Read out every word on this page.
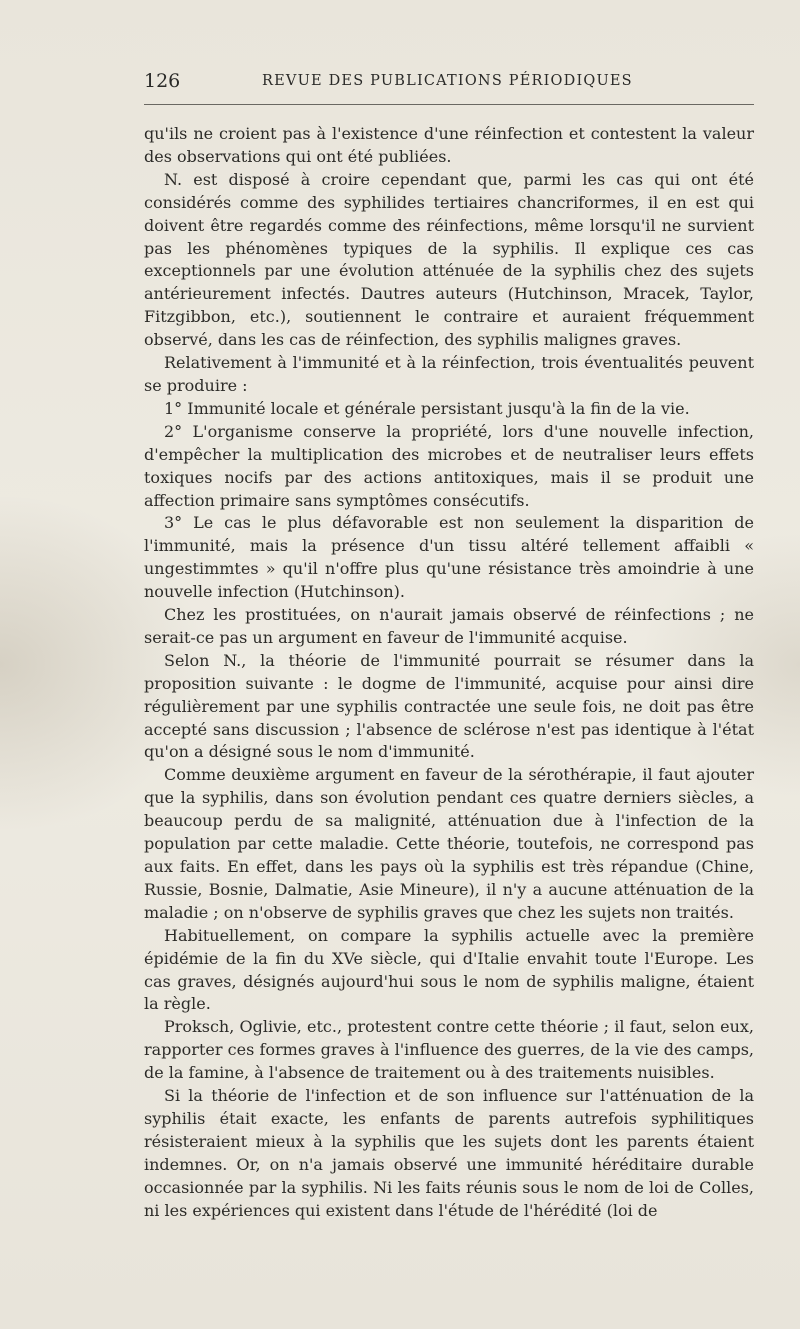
126	REVUE DES PUBLICATIONS PÉRIODIQUES

qu'ils ne croient pas à l'existence d'une réinfection et contestent la valeur des observations qui ont été publiées.

N. est disposé à croire cependant que, parmi les cas qui ont été considérés comme des syphilides tertiaires chancriformes, il en est qui doivent être regardés comme des réinfections, même lorsqu'il ne survient pas les phénomènes typiques de la syphilis. Il explique ces cas exceptionnels par une évolution atténuée de la syphilis chez des sujets antérieurement infectés. Dautres auteurs (Hutchinson, Mracek, Taylor, Fitzgibbon, etc.), soutiennent le contraire et auraient fréquemment observé, dans les cas de réinfection, des syphilis malignes graves.

Relativement à l'immunité et à la réinfection, trois éventualités peuvent se produire :

1° Immunité locale et générale persistant jusqu'à la fin de la vie.

2° L'organisme conserve la propriété, lors d'une nouvelle infection, d'empêcher la multiplication des microbes et de neutraliser leurs effets toxiques nocifs par des actions antitoxiques, mais il se produit une affection primaire sans symptômes consécutifs.

3° Le cas le plus défavorable est non seulement la disparition de l'immunité, mais la présence d'un tissu altéré tellement affaibli « ungestimmtes » qu'il n'offre plus qu'une résistance très amoindrie à une nouvelle infection (Hutchinson).

Chez les prostituées, on n'aurait jamais observé de réinfections ; ne serait-ce pas un argument en faveur de l'immunité acquise.

Selon N., la théorie de l'immunité pourrait se résumer dans la proposition suivante : le dogme de l'immunité, acquise pour ainsi dire régulièrement par une syphilis contractée une seule fois, ne doit pas être accepté sans discussion ; l'absence de sclérose n'est pas identique à l'état qu'on a désigné sous le nom d'immunité.

Comme deuxième argument en faveur de la sérothérapie, il faut ajouter que la syphilis, dans son évolution pendant ces quatre derniers siècles, a beaucoup perdu de sa malignité, atténuation due à l'infection de la population par cette maladie. Cette théorie, toutefois, ne correspond pas aux faits. En effet, dans les pays où la syphilis est très répandue (Chine, Russie, Bosnie, Dalmatie, Asie Mineure), il n'y a aucune atténuation de la maladie ; on n'observe de syphilis graves que chez les sujets non traités.

Habituellement, on compare la syphilis actuelle avec la première épidémie de la fin du XVe siècle, qui d'Italie envahit toute l'Europe. Les cas graves, désignés aujourd'hui sous le nom de syphilis maligne, étaient la règle.

Proksch, Oglivie, etc., protestent contre cette théorie ; il faut, selon eux, rapporter ces formes graves à l'influence des guerres, de la vie des camps, de la famine, à l'absence de traitement ou à des traitements nuisibles.

Si la théorie de l'infection et de son influence sur l'atténuation de la syphilis était exacte, les enfants de parents autrefois syphilitiques résisteraient mieux à la syphilis que les sujets dont les parents étaient indemnes. Or, on n'a jamais observé une immunité héréditaire durable occasionnée par la syphilis. Ni les faits réunis sous le nom de loi de Colles, ni les expériences qui existent dans l'étude de l'hérédité (loi de
